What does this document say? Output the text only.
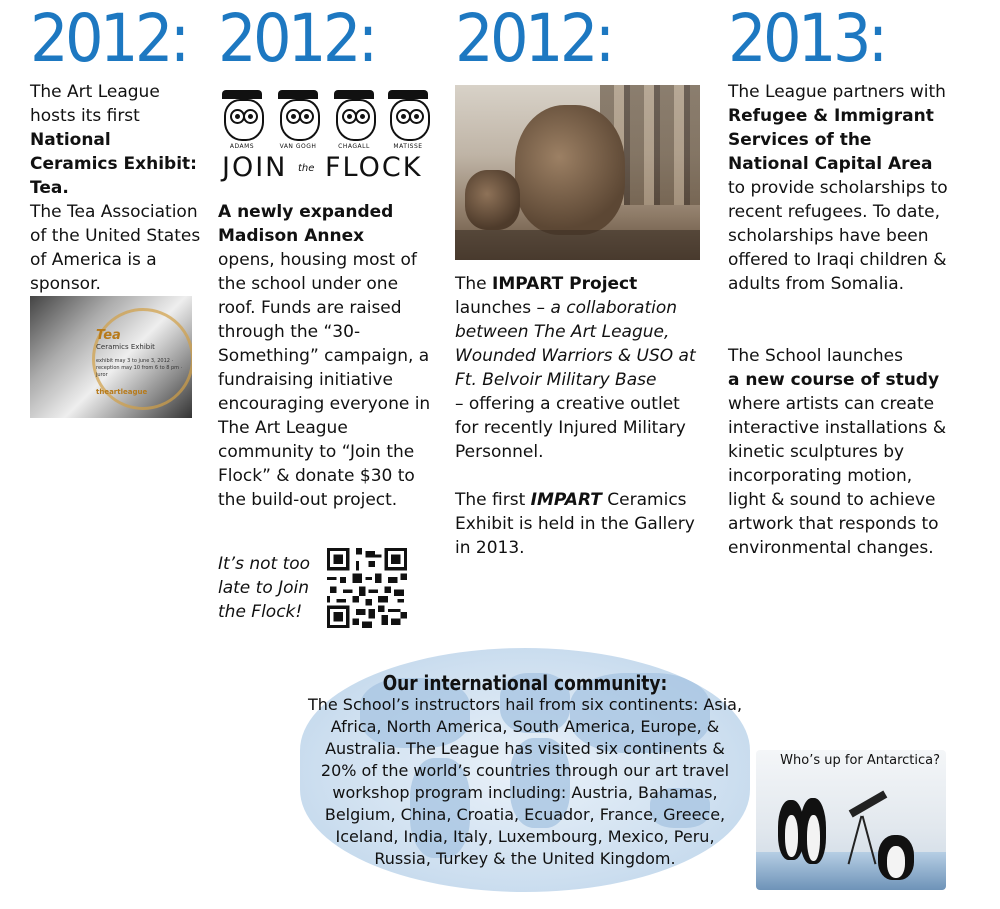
2012:

The Art League hosts its first

National Ceramics Exhibit: Tea.

The Tea Association of the United States of America is a sponsor.

Tea
Ceramics Exhibit
exhibit may 3 to june 3, 2012 · reception may 10 from 6 to 8 pm · juror
theartleague
2012:
ADAMS	VAN GOGH	CHAGALL	MATISSE
JOIN the FLOCK

A newly expanded Madison Annex

opens, housing most of the school under one roof. Funds are raised through the “30-Something” campaign, a fundraising initiative encouraging everyone in The Art League community to “Join the Flock” & donate $30 to the build-out project.

It’s not too late to Join the Flock!

2012:

The IMPART Project
launches – a collaboration between The Art League, Wounded Warriors & USO at Ft. Belvoir Military Base
– offering a creative outlet for recently Injured Military Personnel.

The first IMPART Ceramics Exhibit is held in the Gallery in 2013.

2013:

The League partners with
Refugee & Immigrant Services of the National Capital Area to provide scholarships to recent refugees. To date, scholarships have been offered to Iraqi children & adults from Somalia.

The School launches
a new course of study
where artists can create interactive installations & kinetic sculptures by incorporating motion, light & sound to achieve artwork that responds to environmental changes.

Our international community:
The School’s instructors hail from six continents: Asia, Africa, North America, South America, Europe, & Australia. The League has visited six continents & 20% of the world’s countries through our art travel workshop program including: Austria, Bahamas, Belgium, China, Croatia, Ecuador, France, Greece, Iceland, India, Italy, Luxembourg, Mexico, Peru, Russia, Turkey & the United Kingdom.
Who’s up for Antarctica?
